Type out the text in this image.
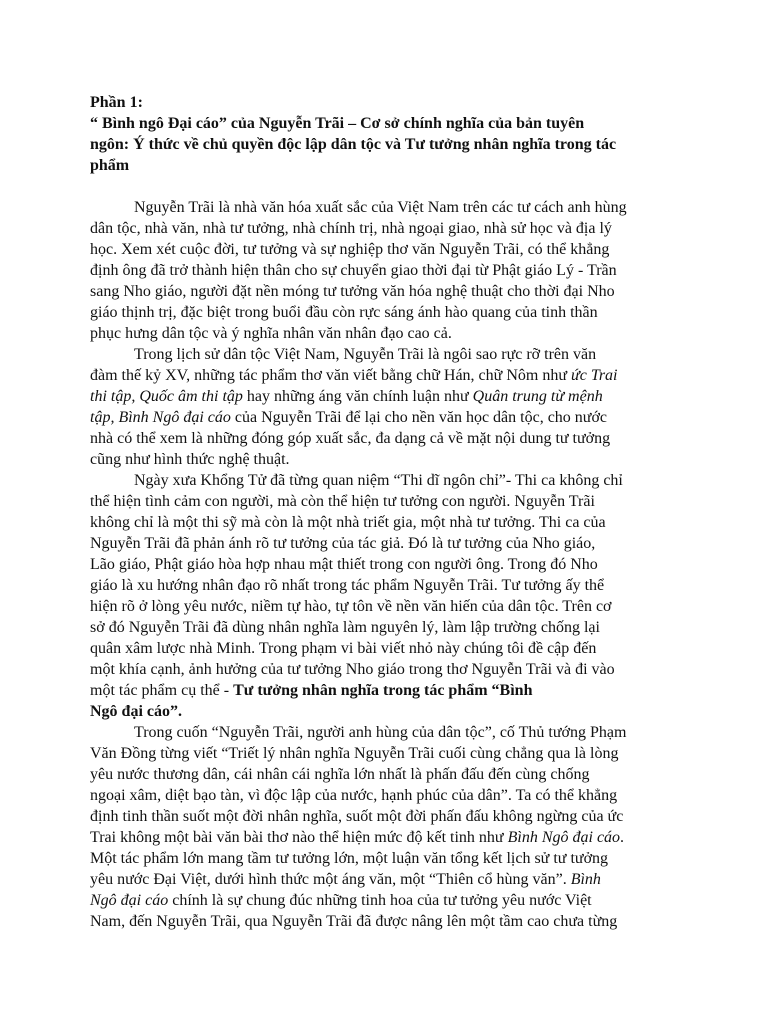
Phần 1:
“ Bình ngô Đại cáo” của Nguyễn Trãi – Cơ sở chính nghĩa của bản tuyên
ngôn: Ý thức về chủ quyền độc lập dân tộc và Tư tưởng nhân nghĩa trong tác
phẩm
Nguyễn Trãi là nhà văn hóa xuất sắc của Việt Nam trên các tư cách anh hùng
dân tộc, nhà văn, nhà tư tưởng, nhà chính trị, nhà ngoại giao, nhà sử học và địa lý
học. Xem xét cuộc đời, tư tưởng và sự nghiệp thơ văn Nguyễn Trãi, có thể khẳng
định ông đã trở thành hiện thân cho sự chuyển giao thời đại từ Phật giáo Lý - Trần
sang Nho giáo, người đặt nền móng tư tưởng văn hóa nghệ thuật cho thời đại Nho
giáo thịnh trị, đặc biệt trong buổi đầu còn rực sáng ánh hào quang của tinh thần
phục hưng dân tộc và ý nghĩa nhân văn nhân đạo cao cả.
Trong lịch sử dân tộc Việt Nam, Nguyễn Trãi là ngôi sao rực rỡ trên văn
đàm thế kỷ XV, những tác phẩm thơ văn viết bằng chữ Hán, chữ Nôm như ức Trai
thi tập, Quốc âm thi tập hay những áng văn chính luận như Quân trung từ mệnh
tập, Bình Ngô đại cáo của Nguyễn Trãi để lại cho nền văn học dân tộc, cho nước
nhà có thể xem là những đóng góp xuất sắc, đa dạng cả về mặt nội dung tư tưởng
cũng như hình thức nghệ thuật.
Ngày xưa Khổng Tử đã từng quan niệm “Thi dĩ ngôn chỉ”- Thi ca không chỉ
thể hiện tình cảm con người, mà còn thể hiện tư tưởng con người. Nguyễn Trãi
không chỉ là một thi sỹ mà còn là một nhà triết gia, một nhà tư tưởng. Thi ca của
Nguyễn Trãi đã phản ánh rõ tư tưởng của tác giả. Đó là tư tưởng của Nho giáo,
Lão giáo, Phật giáo hòa hợp nhau mật thiết trong con người ông. Trong đó Nho
giáo là xu hướng nhân đạo rõ nhất trong tác phẩm Nguyễn Trãi. Tư tưởng ấy thể
hiện rõ ở lòng yêu nước, niềm tự hào, tự tôn về nền văn hiến của dân tộc. Trên cơ
sở đó Nguyễn Trãi đã dùng nhân nghĩa làm nguyên lý, làm lập trường chống lại
quân xâm lược nhà Minh. Trong phạm vi bài viết nhỏ này chúng tôi đề cập đến
một khía cạnh, ảnh hưởng của tư tưởng Nho giáo trong thơ Nguyễn Trãi và đi vào
một tác phẩm cụ thể - Tư tưởng nhân nghĩa trong tác phẩm “Bình
Ngô đại cáo”.
Trong cuốn “Nguyễn Trãi, người anh hùng của dân tộc”, cố Thủ tướng Phạm
Văn Đồng từng viết “Triết lý nhân nghĩa Nguyễn Trãi cuối cùng chẳng qua là lòng
yêu nước thương dân, cái nhân cái nghĩa lớn nhất là phấn đấu đến cùng chống
ngoại xâm, diệt bạo tàn, vì độc lập của nước, hạnh phúc của dân”. Ta có thể khẳng
định tinh thần suốt một đời nhân nghĩa, suốt một đời phấn đấu không ngừng của ức
Trai không một bài văn bài thơ nào thể hiện mức độ kết tinh như Bình Ngô đại cáo.
Một tác phẩm lớn mang tầm tư tưởng lớn, một luận văn tổng kết lịch sử tư tưởng
yêu nước Đại Việt, dưới hình thức một áng văn, một “Thiên cổ hùng văn”. Bình
Ngô đại cáo chính là sự chung đúc những tinh hoa của tư tưởng yêu nước Việt
Nam, đến Nguyễn Trãi, qua Nguyễn Trãi đã được nâng lên một tầm cao chưa từng
